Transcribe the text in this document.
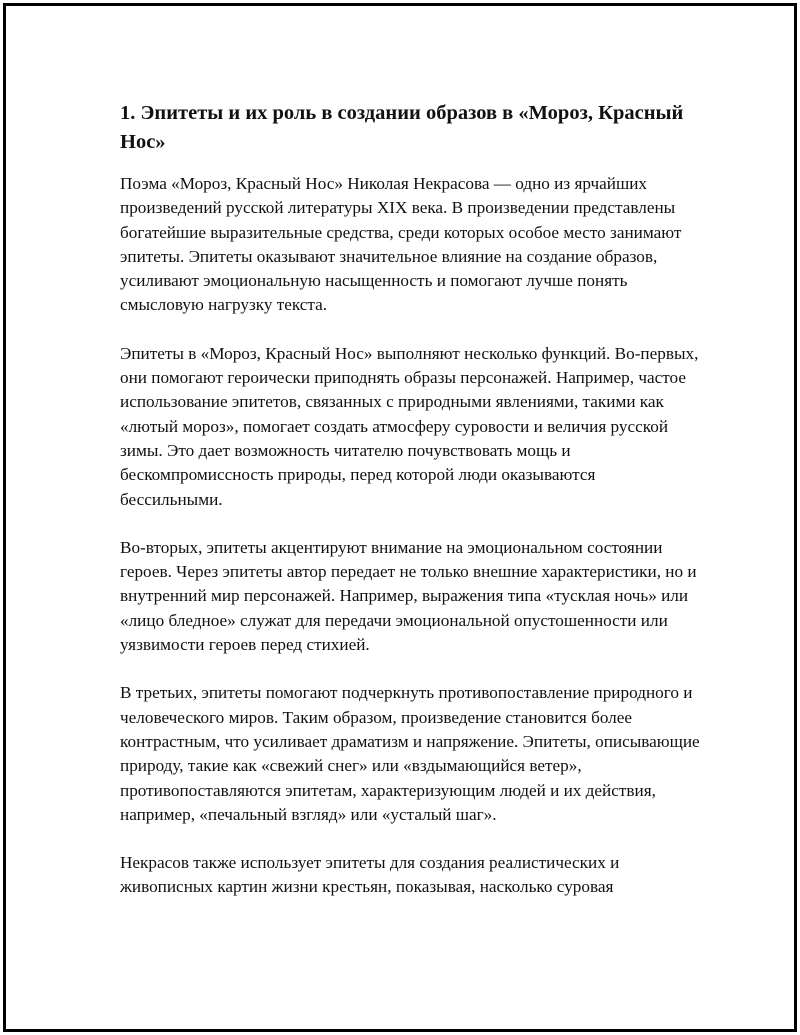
1. Эпитеты и их роль в создании образов в «Мороз, Красный Нос»

Поэма «Мороз, Красный Нос» Николая Некрасова — одно из ярчайших произведений русской литературы XIX века. В произведении представлены богатейшие выразительные средства, среди которых особое место занимают эпитеты. Эпитеты оказывают значительное влияние на создание образов, усиливают эмоциональную насыщенность и помогают лучше понять смысловую нагрузку текста.

Эпитеты в «Мороз, Красный Нос» выполняют несколько функций. Во-первых, они помогают героически приподнять образы персонажей. Например, частое использование эпитетов, связанных с природными явлениями, такими как «лютый мороз», помогает создать атмосферу суровости и величия русской зимы. Это дает возможность читателю почувствовать мощь и бескомпромиссность природы, перед которой люди оказываются бессильными.

Во-вторых, эпитеты акцентируют внимание на эмоциональном состоянии героев. Через эпитеты автор передает не только внешние характеристики, но и внутренний мир персонажей. Например, выражения типа «тусклая ночь» или «лицо бледное» служат для передачи эмоциональной опустошенности или уязвимости героев перед стихией.

В третьих, эпитеты помогают подчеркнуть противопоставление природного и человеческого миров. Таким образом, произведение становится более контрастным, что усиливает драматизм и напряжение. Эпитеты, описывающие природу, такие как «свежий снег» или «вздымающийся ветер», противопоставляются эпитетам, характеризующим людей и их действия, например, «печальный взгляд» или «усталый шаг».

Некрасов также использует эпитеты для создания реалистических и живописных картин жизни крестьян, показывая, насколько суровая
